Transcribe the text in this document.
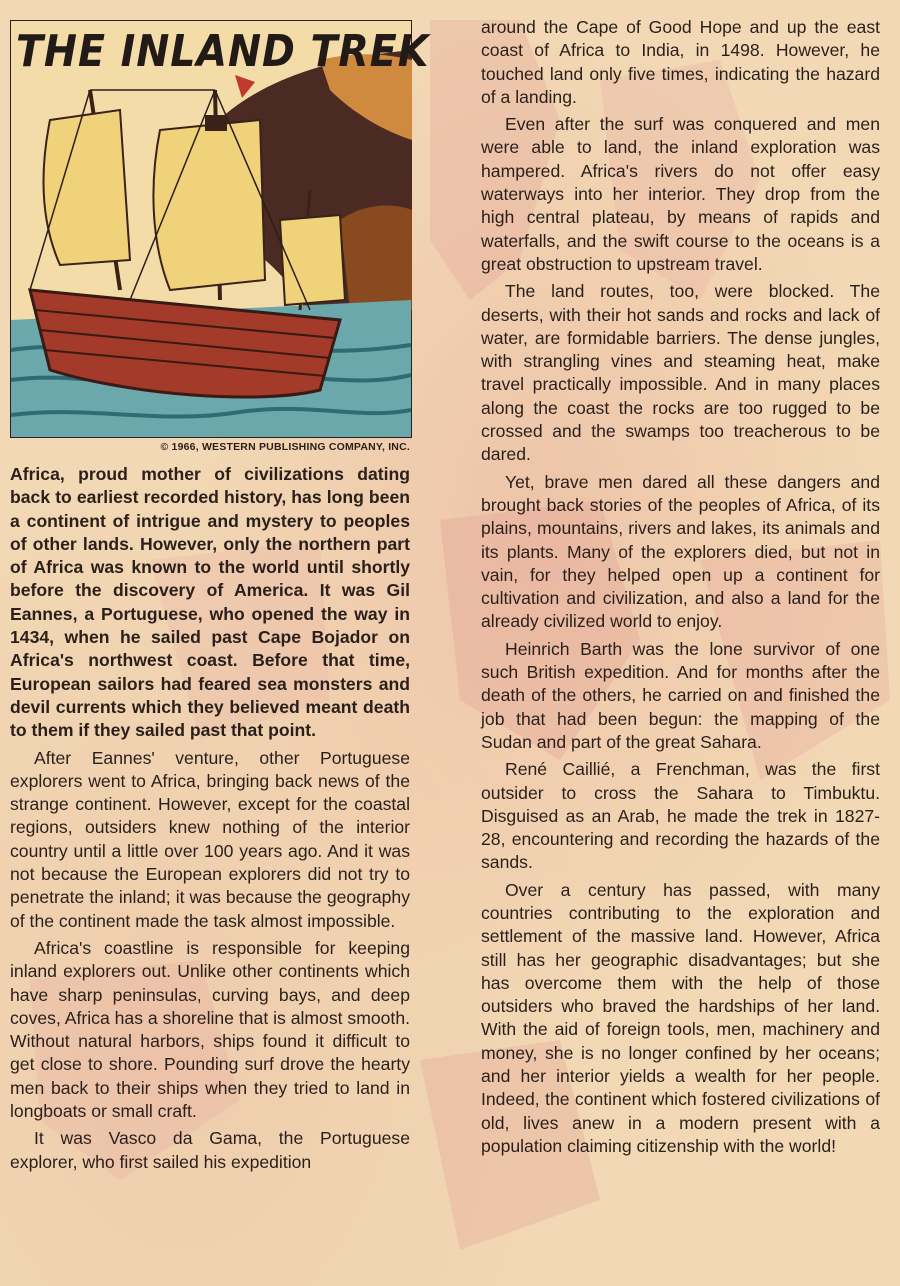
THE INLAND TREK
© 1966, WESTERN PUBLISHING COMPANY, INC.

Africa, proud mother of civilizations dating back to earliest recorded history, has long been a continent of intrigue and mystery to peoples of other lands. However, only the northern part of Africa was known to the world until shortly before the discovery of America. It was Gil Eannes, a Portuguese, who opened the way in 1434, when he sailed past Cape Bojador on Africa's northwest coast. Before that time, European sailors had feared sea monsters and devil currents which they believed meant death to them if they sailed past that point.

After Eannes' venture, other Portuguese explorers went to Africa, bringing back news of the strange continent. However, except for the coastal regions, outsiders knew nothing of the interior country until a little over 100 years ago. And it was not because the European explorers did not try to penetrate the inland; it was because the geography of the continent made the task almost impossible.

Africa's coastline is responsible for keeping inland explorers out. Unlike other continents which have sharp peninsulas, curving bays, and deep coves, Africa has a shoreline that is almost smooth. Without natural harbors, ships found it difficult to get close to shore. Pounding surf drove the hearty men back to their ships when they tried to land in longboats or small craft.

It was Vasco da Gama, the Portuguese explorer, who first sailed his expedition

around the Cape of Good Hope and up the east coast of Africa to India, in 1498. However, he touched land only five times, indicating the hazard of a landing.

Even after the surf was conquered and men were able to land, the inland exploration was hampered. Africa's rivers do not offer easy waterways into her interior. They drop from the high central plateau, by means of rapids and waterfalls, and the swift course to the oceans is a great obstruction to upstream travel.

The land routes, too, were blocked. The deserts, with their hot sands and rocks and lack of water, are formidable barriers. The dense jungles, with strangling vines and steaming heat, make travel practically impossible. And in many places along the coast the rocks are too rugged to be crossed and the swamps too treacherous to be dared.

Yet, brave men dared all these dangers and brought back stories of the peoples of Africa, of its plains, mountains, rivers and lakes, its animals and its plants. Many of the explorers died, but not in vain, for they helped open up a continent for cultivation and civilization, and also a land for the already civilized world to enjoy.

Heinrich Barth was the lone survivor of one such British expedition. And for months after the death of the others, he carried on and finished the job that had been begun: the mapping of the Sudan and part of the great Sahara.

René Caillié, a Frenchman, was the first outsider to cross the Sahara to Timbuktu. Disguised as an Arab, he made the trek in 1827-28, encountering and recording the hazards of the sands.

Over a century has passed, with many countries contributing to the exploration and settlement of the massive land. However, Africa still has her geographic disadvantages; but she has overcome them with the help of those outsiders who braved the hardships of her land. With the aid of foreign tools, men, machinery and money, she is no longer confined by her oceans; and her interior yields a wealth for her people. Indeed, the continent which fostered civilizations of old, lives anew in a modern present with a population claiming citizenship with the world!
